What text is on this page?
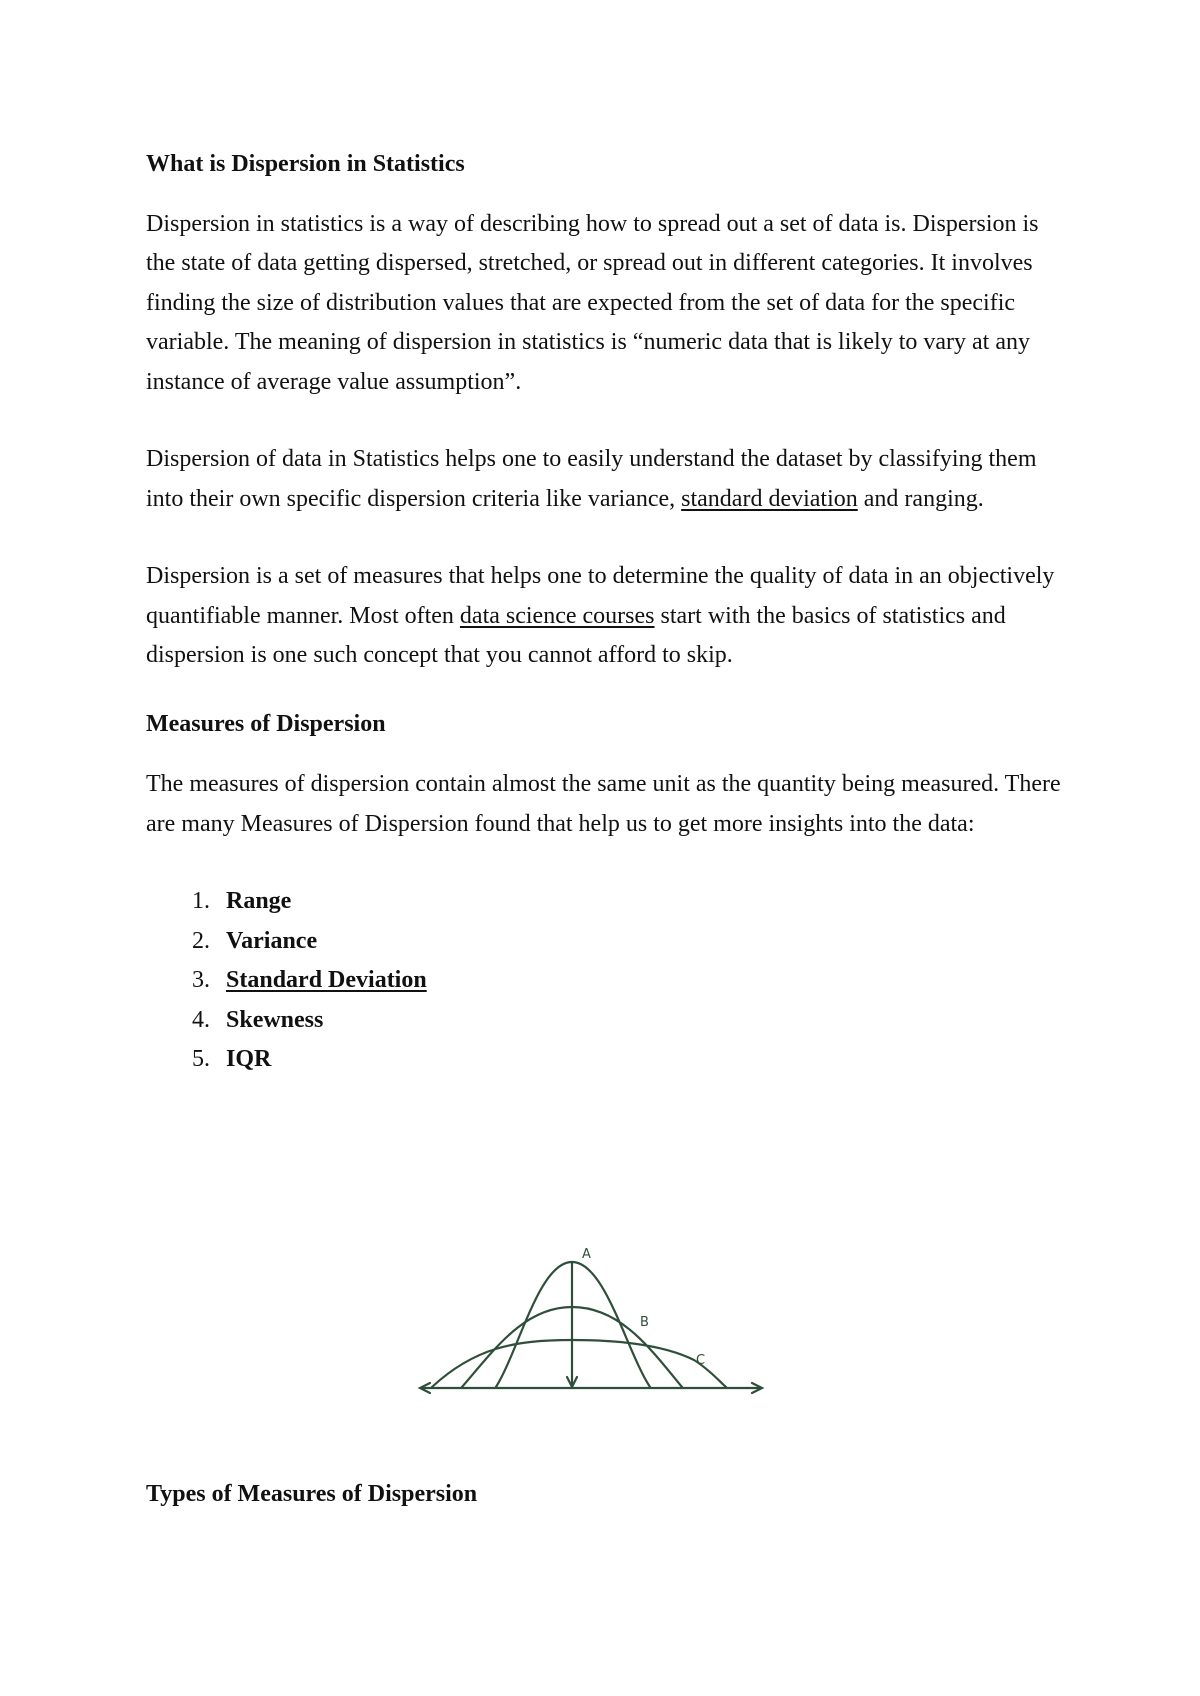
What is Dispersion in Statistics

Dispersion in statistics is a way of describing how to spread out a set of data is. Dispersion is the state of data getting dispersed, stretched, or spread out in different categories. It involves finding the size of distribution values that are expected from the set of data for the specific variable. The meaning of dispersion in statistics is “numeric data that is likely to vary at any instance of average value assumption”.

Dispersion of data in Statistics helps one to easily understand the dataset by classifying them into their own specific dispersion criteria like variance, standard deviation and ranging.

Dispersion is a set of measures that helps one to determine the quality of data in an objectively quantifiable manner. Most often data science courses start with the basics of statistics and dispersion is one such concept that you cannot afford to skip.

Measures of Dispersion

The measures of dispersion contain almost the same unit as the quantity being measured. There are many Measures of Dispersion found that help us to get more insights into the data:

1. Range
2. Variance
3. Standard Deviation
4. Skewness
5. IQR
A
B
C
Types of Measures of Dispersion
